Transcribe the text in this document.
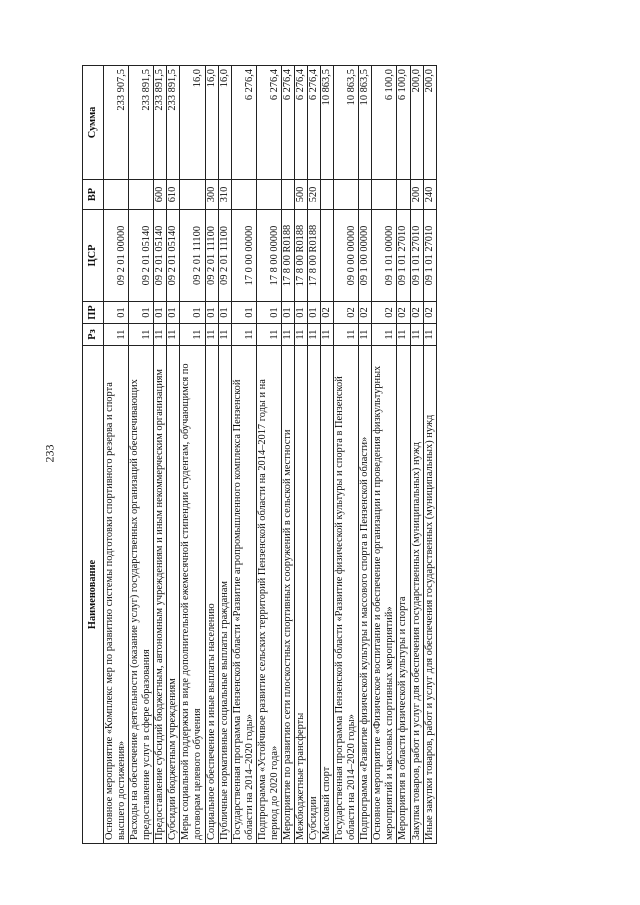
233
Наименование	Рз	ПР	ЦСР	ВР	Сумма
Основное мероприятие «Комплекс мер по развитию системы подготовки спортивного резерва и спорта высшего достижения»	11	01	09 2 01 00000		233 907,5
Расходы на обеспечение деятельности (оказание услуг) государственных организаций обеспечивающих предоставление услуг в сфере образования	11	01	09 2 01 05140		233 891,5
Предоставление субсидий бюджетным, автономным учреждениям и иным некоммерческим организациям	11	01	09 2 01 05140	600	233 891,5
Субсидии бюджетным учреждениям	11	01	09 2 01 05140	610	233 891,5
Меры социальной поддержки в виде дополнительной ежемесячной стипендии студентам, обучающимся по договорам целевого обучения	11	01	09 2 01 11100		16,0
Социальное обеспечение и иные выплаты населению	11	01	09 2 01 11100	300	16,0
Публичные нормативные социальные выплаты гражданам	11	01	09 2 01 11100	310	16,0
Государственная программа Пензенской области «Развитие агропромышленного комплекса Пензенской области на 2014–2020 годы»	11	01	17 0 00 00000		6 276,4
Подпрограмма «Устойчивое развитие сельских территорий Пензенской области на 2014–2017 годы и на период до 2020 года»	11	01	17 8 00 00000		6 276,4
Мероприятие по развитию сети плоскостных спортивных сооружений в сельской местности	11	01	17 8 00 R0188		6 276,4
Межбюджетные трансферты	11	01	17 8 00 R0188	500	6 276,4
Субсидии	11	01	17 8 00 R0188	520	6 276,4
Массовый спорт	11	02			10 863,5
Государственная программа Пензенской области «Развитие физической культуры и спорта в Пензенской области на 2014–2020 годы»	11	02	09 0 00 00000		10 863,5
Подпрограмма «Развитие физической культуры и массового спорта в Пензенской области»	11	02	09 1 00 00000		10 863,5
Основное мероприятие «Физическое воспитание и обеспечение организации и проведения физкультурных мероприятий и массовых спортивных мероприятий»	11	02	09 1 01 00000		6 100,0
Мероприятия в области физической культуры и спорта	11	02	09 1 01 27010		6 100,0
Закупка товаров, работ и услуг для обеспечения государственных (муниципальных) нужд	11	02	09 1 01 27010	200	200,0
Иные закупки товаров, работ и услуг для обеспечения государственных (муниципальных) нужд	11	02	09 1 01 27010	240	200,0
